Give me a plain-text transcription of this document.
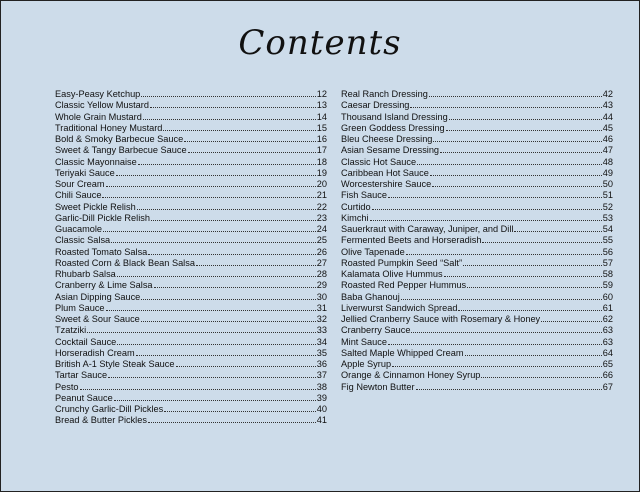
Contents
Easy-Peasy Ketchup	12
Classic Yellow Mustard	13
Whole Grain Mustard	14
Traditional Honey Mustard	15
Bold & Smoky Barbecue Sauce	16
Sweet & Tangy Barbecue Sauce	17
Classic Mayonnaise	18
Teriyaki Sauce	19
Sour Cream	20
Chili Sauce	21
Sweet Pickle Relish	22
Garlic-Dill Pickle Relish	23
Guacamole	24
Classic Salsa	25
Roasted Tomato Salsa	26
Roasted Corn & Black Bean Salsa	27
Rhubarb Salsa	28
Cranberry & Lime Salsa	29
Asian Dipping Sauce	30
Plum Sauce	31
Sweet & Sour Sauce	32
Tzatziki	33
Cocktail Sauce	34
Horseradish Cream	35
British A-1 Style Steak Sauce	36
Tartar Sauce	37
Pesto	38
Peanut Sauce	39
Crunchy Garlic-Dill Pickles	40
Bread & Butter Pickles	41
Real Ranch Dressing	42
Caesar Dressing	43
Thousand Island Dressing	44
Green Goddess Dressing	45
Bleu Cheese Dressing	46
Asian Sesame Dressing	47
Classic Hot Sauce	48
Caribbean Hot Sauce	49
Worcestershire Sauce	50
Fish Sauce	51
Curtido	52
Kimchi	53
Sauerkraut with Caraway, Juniper, and Dill	54
Fermented Beets and Horseradish	55
Olive Tapenade	56
Roasted Pumpkin Seed “Salt”	57
Kalamata Olive Hummus	58
Roasted Red Pepper Hummus	59
Baba Ghanouj	60
Liverwurst Sandwich Spread	61
Jellied Cranberry Sauce with Rosemary & Honey	62
Cranberry Sauce	63
Mint Sauce	63
Salted Maple Whipped Cream	64
Apple Syrup	65
Orange & Cinnamon Honey Syrup	66
Fig Newton Butter	67
